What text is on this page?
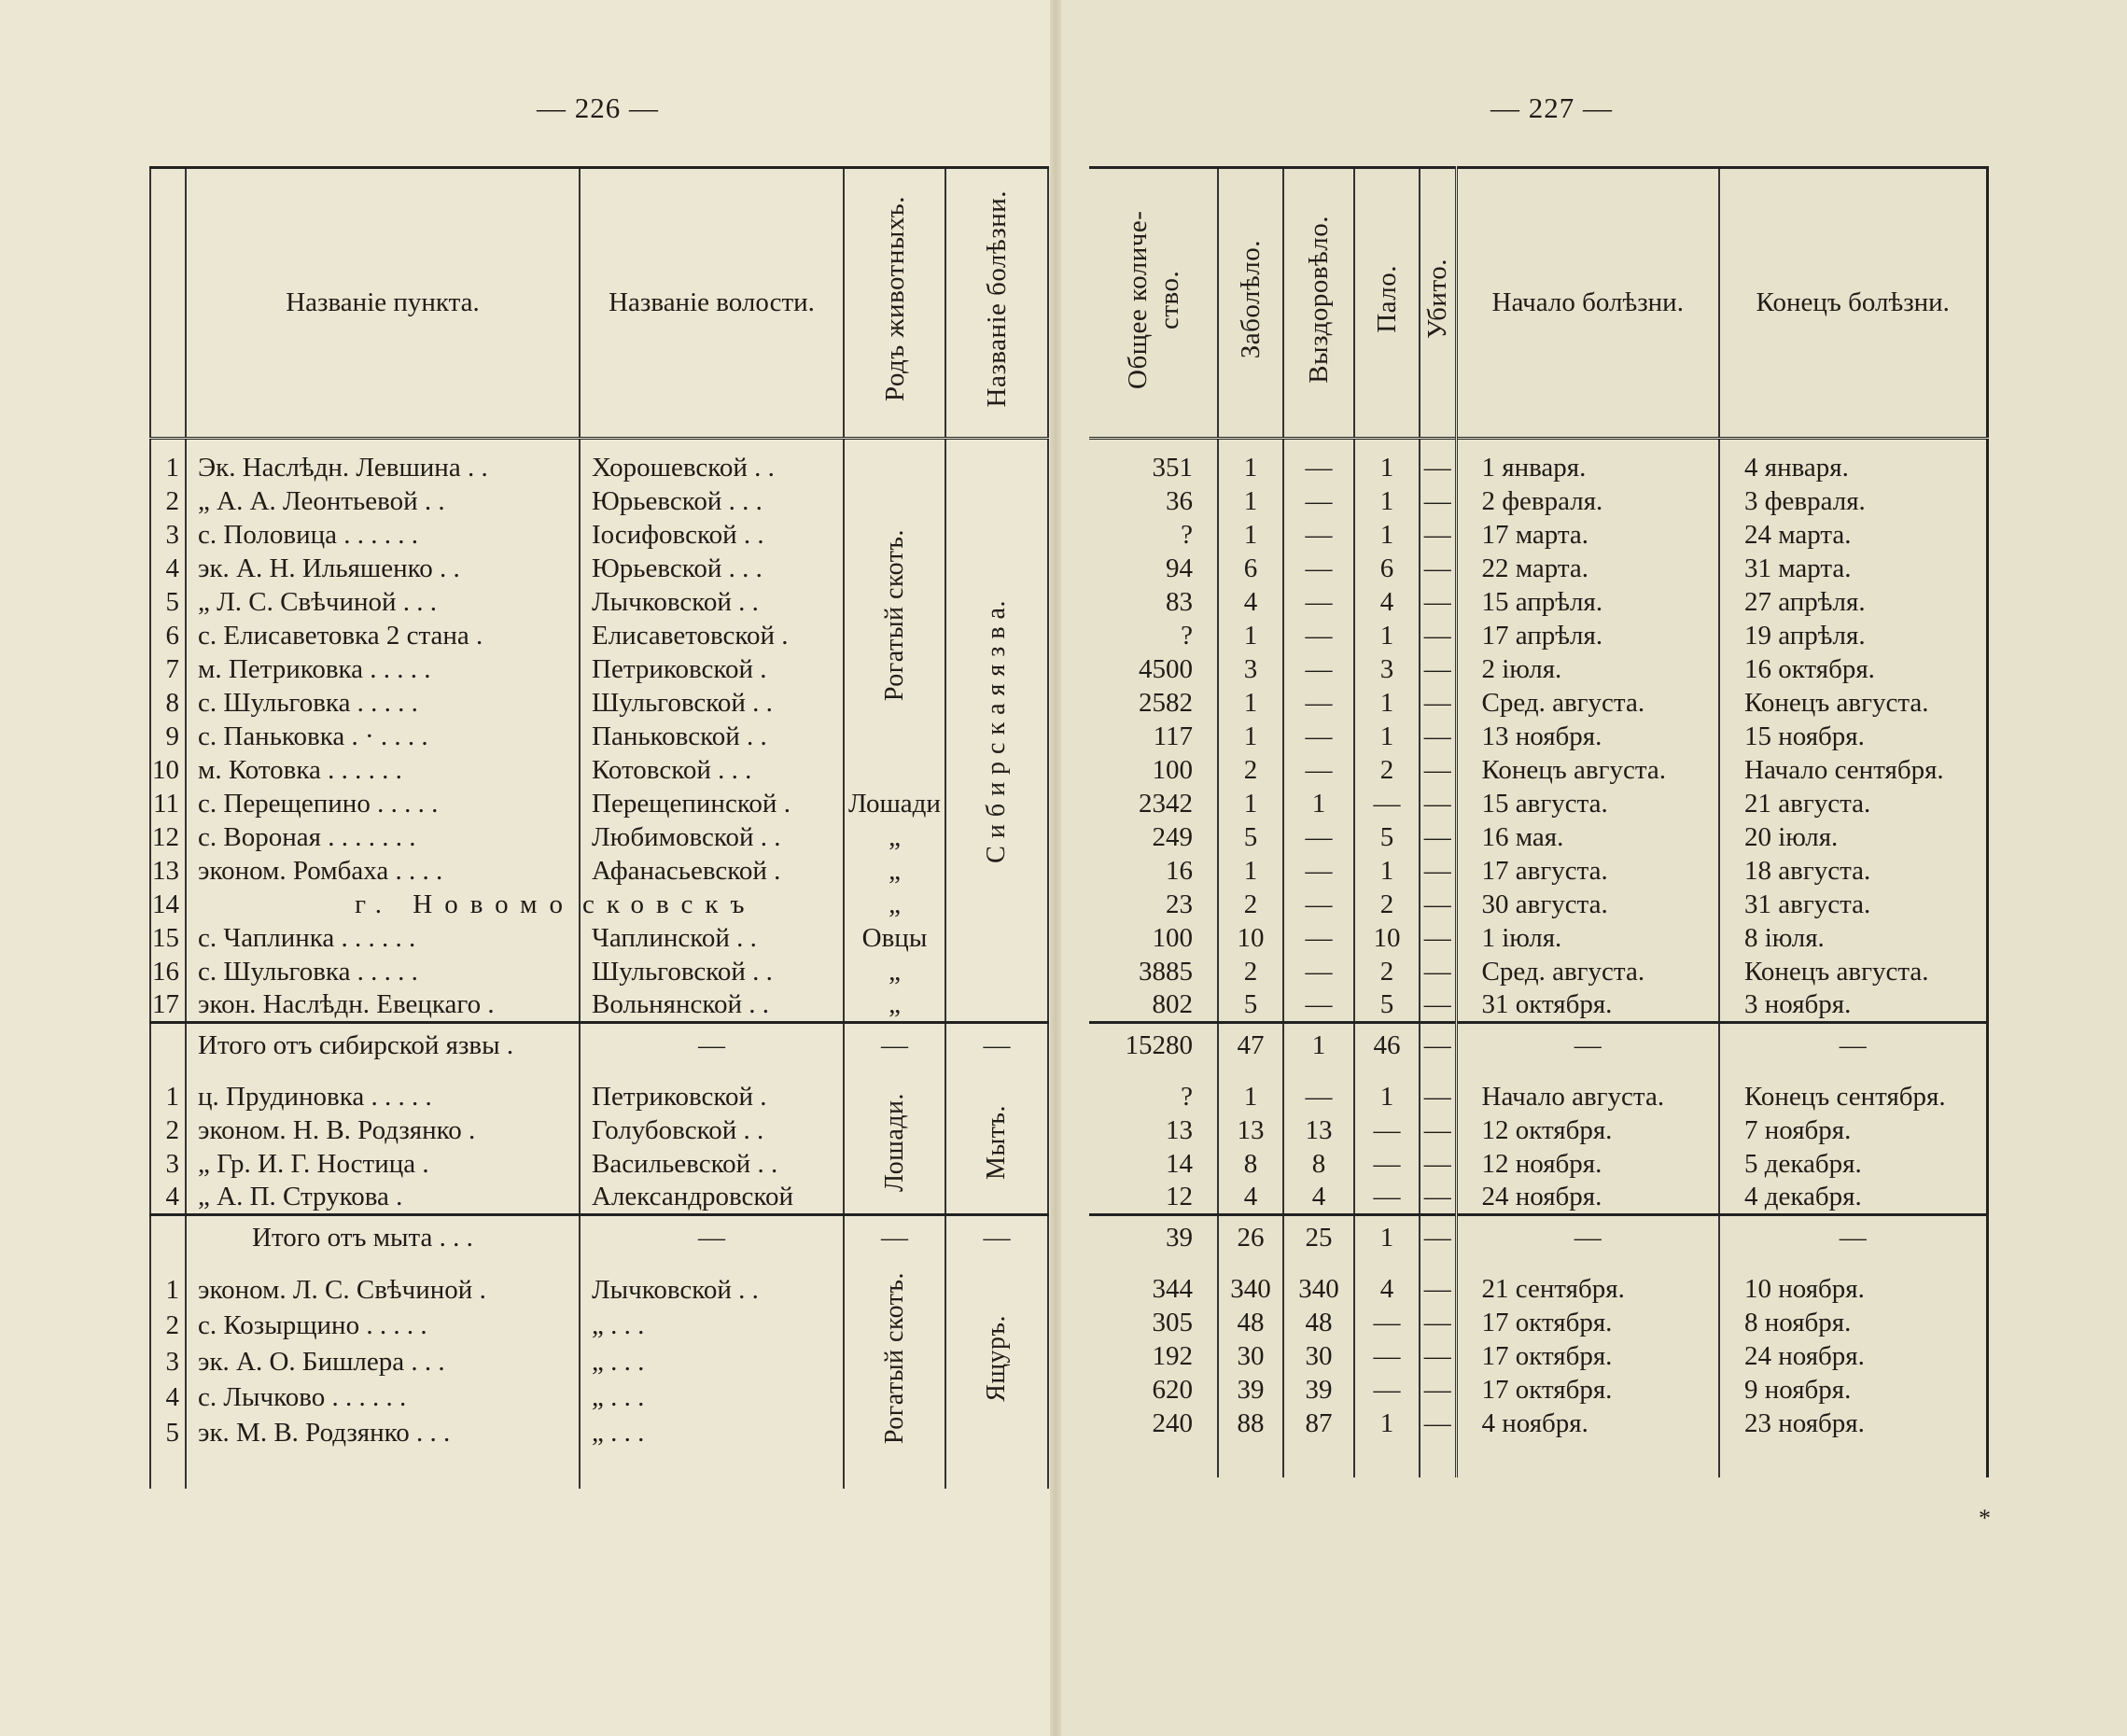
— 226 —	— 227 —
	Названіе пункта.	Названіе волости.	Родъ животныхъ.	Названіе болѣзни.

1	Эк. Наслѣдн. Левшина . .	Хорошевской . .	Рогатый скотъ.	С и б и р с к а я я з в а.
2	„ А. А. Леонтьевой . .	Юрьевской . . .		
3	с. Половица . . . . . .	Іосифовской . .		
4	эк. А. Н. Ильяшенко . .	Юрьевской . . .		
5	„ Л. С. Свѣчиной . . .	Лычковской . .		
6	с. Елисаветовка 2 стана .	Елисаветовской .		
7	м. Петриковка . . . . .	Петриковской .		
8	с. Шульговка . . . . .	Шульговской . .		
9	с. Паньковка . · . . . .	Паньковской . .		
10	м. Котовка . . . . . .	Котовской . . .		
11	с. Перещепино . . . . .	Перещепинской .	Лошади	
12	с. Вороная . . . . . . .	Любимовской . .	„	
13	эконом. Ромбаха . . . .	Афанасьевской .	„	
14	г. Новомо	сковскъ	„	
15	с. Чаплинка . . . . . .	Чаплинской . .	Овцы	
16	с. Шульговка . . . . .	Шульговской . .	„	
17	экон. Наслѣдн. Евецкаго .	Вольнянской . .	„	
	Итого отъ сибирской язвы .	—	—	—

1	ц. Прудиновка . . . . .	Петриковской .	Лошади.	Мытъ.
2	эконом. Н. В. Родзянко .	Голубовской . .		
3	„ Гр. И. Г. Ностица .	Васильевской . .		
4	„ А. П. Струкова .	Александровской		
	Итого отъ мыта . . .	—	—	—

1	эконом. Л. С. Свѣчиной .	Лычковской . .	Рогатый скотъ.	Ящуръ.
2	с. Козырщино . . . . .	„ . . .		
3	эк. А. О. Бишлера . . .	„ . . .		
4	с. Лычково . . . . . .	„ . . .		
5	эк. М. В. Родзянко . . .	„ . . .		

Общее количе- ство.	Заболѣло.	Выздоровѣло.	Пало.	Убито.	Начало болѣзни.	Конецъ болѣзни.

351	1	—	1	—	1 января.	4 января.
36	1	—	1	—	2 февраля.	3 февраля.
?	1	—	1	—	17 марта.	24 марта.
94	6	—	6	—	22 марта.	31 марта.
83	4	—	4	—	15 апрѣля.	27 апрѣля.
?	1	—	1	—	17 апрѣля.	19 апрѣля.
4500	3	—	3	—	2 іюля.	16 октября.
2582	1	—	1	—	Сред. августа.	Конецъ августа.
117	1	—	1	—	13 ноября.	15 ноября.
100	2	—	2	—	Конецъ августа.	Начало сентября.
2342	1	1	—	—	15 августа.	21 августа.
249	5	—	5	—	16 мая.	20 іюля.
16	1	—	1	—	17 августа.	18 августа.
23	2	—	2	—	30 августа.	31 августа.
100	10	—	10	—	1 іюля.	8 іюля.
3885	2	—	2	—	Сред. августа.	Конецъ августа.
802	5	—	5	—	31 октября.	3 ноября.
15280	47	1	46	—	—	—

?	1	—	1	—	Начало августа.	Конецъ сентября.
13	13	13	—	—	12 октября.	7 ноября.
14	8	8	—	—	12 ноября.	5 декабря.
12	4	4	—	—	24 ноября.	4 декабря.
39	26	25	1	—	—	—

344	340	340	4	—	21 сентября.	10 ноября.
305	48	48	—	—	17 октября.	8 ноября.
192	30	30	—	—	17 октября.	24 ноября.
620	39	39	—	—	17 октября.	9 ноября.
240	88	87	1	—	4 ноября.	23 ноября.

*
